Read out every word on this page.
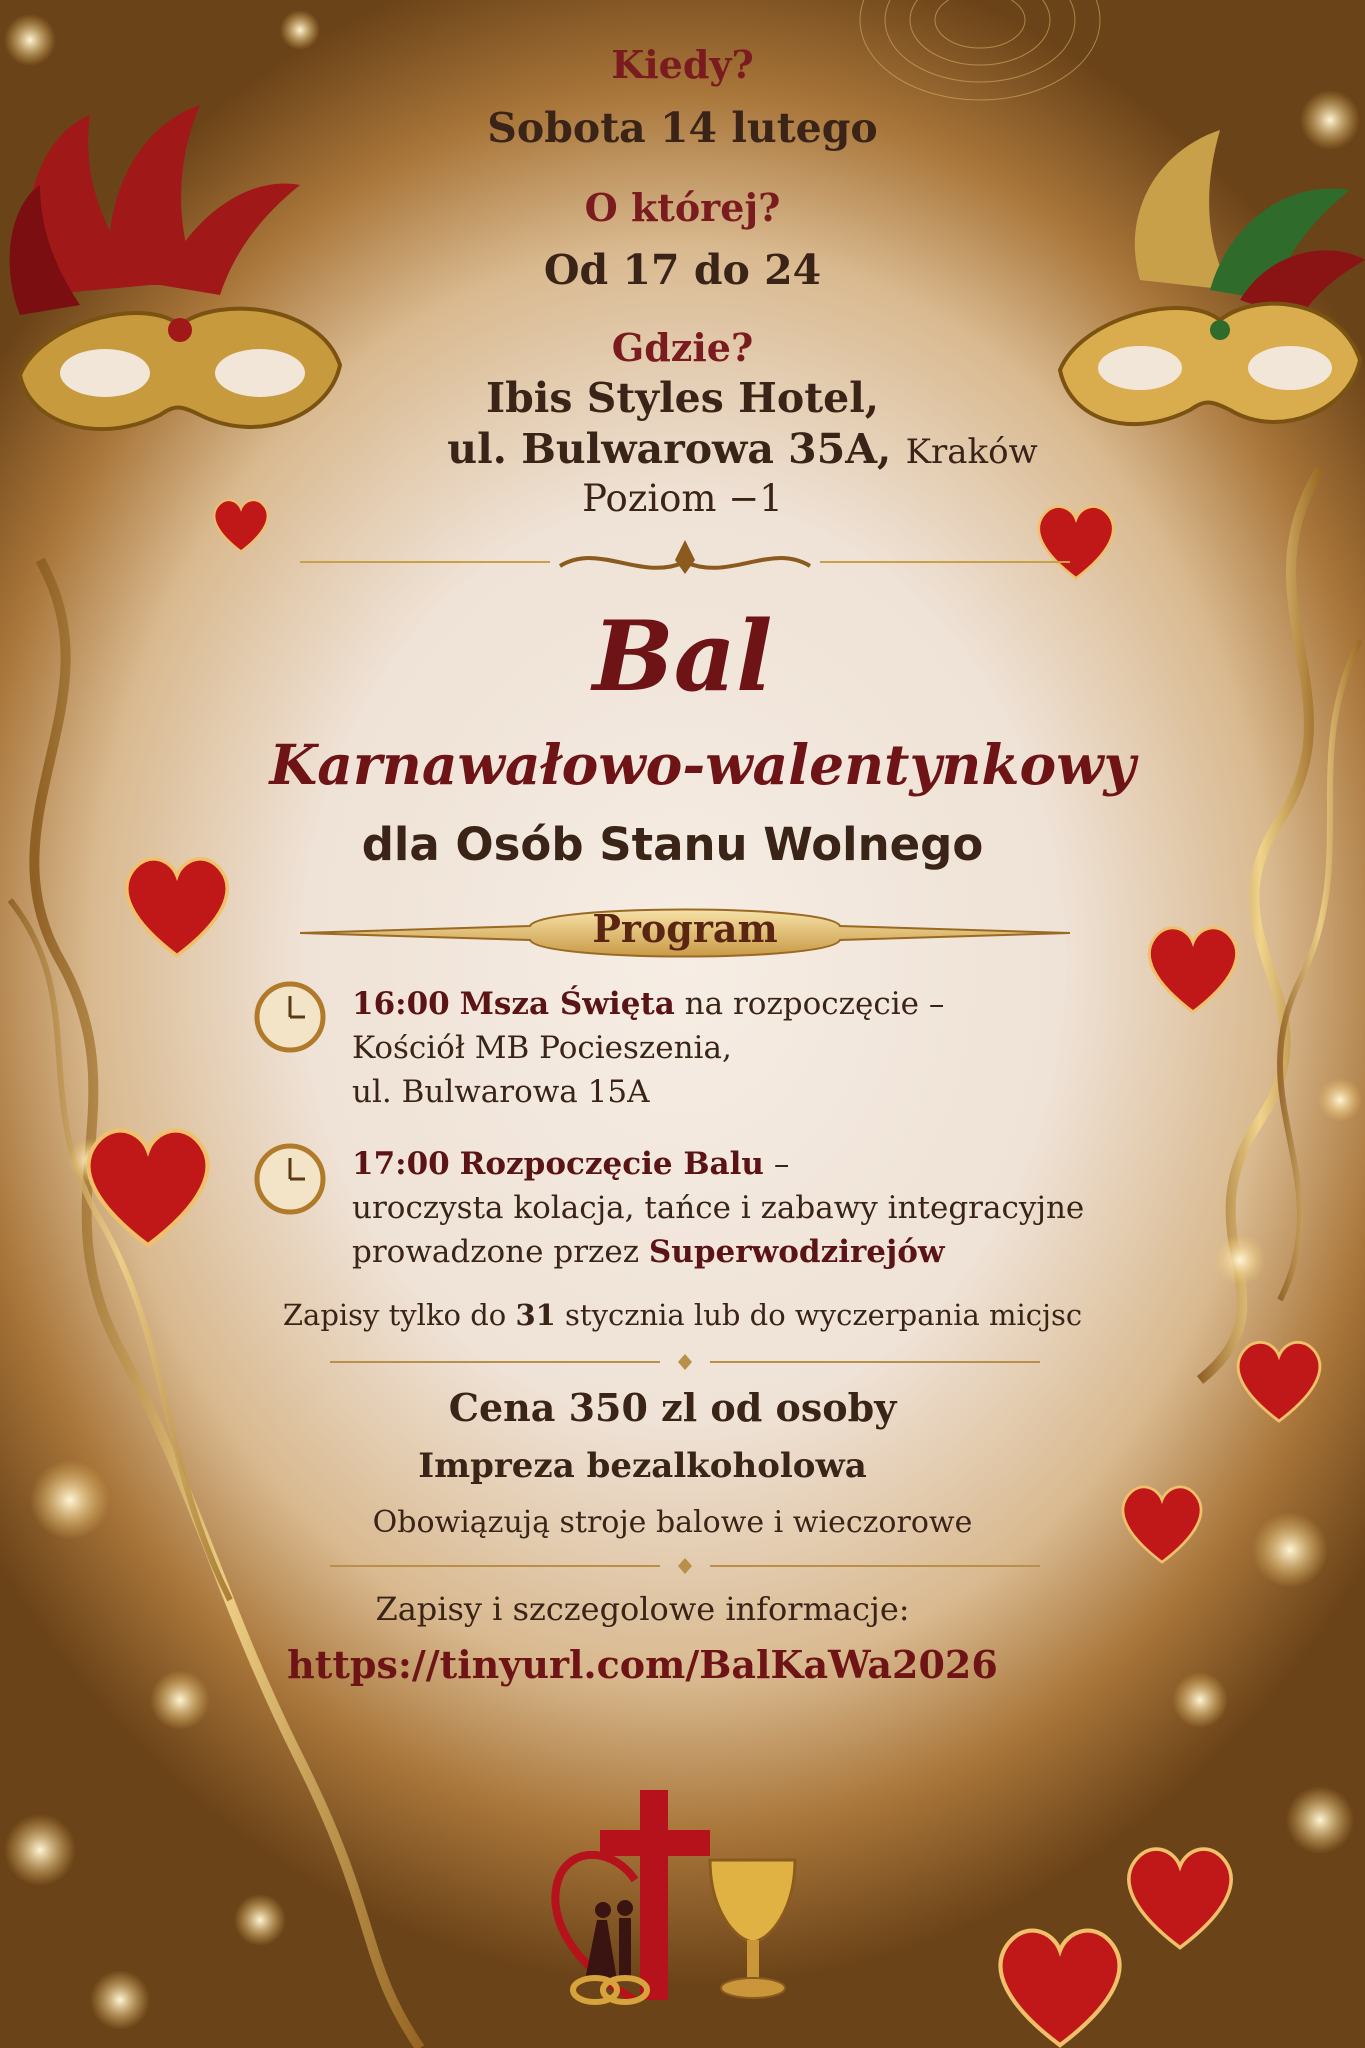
Kiedy?

Sobota 14 lutego

O której?

Od 17 do 24

Gdzie?

Ibis Styles Hotel,

ul. Bulwarowa 35A, Kraków

Poziom −1

Bal

Karnawałowo-walentynkowy

dla Osób Stanu Wolnego

Program

16:00 Msza Święta na rozpoczęcie –
Kościół MB Pocieszenia,
ul. Bulwarowa 15A
17:00 Rozpoczęcie Balu –
uroczysta kolacja, tańce i zabawy integracyjne
prowadzone przez Superwodzirejów

Zapisy tylko do 31 stycznia lub do wyczerpania micjsc

Cena 350 zl od osoby

Impreza bezalkoholowa

Obowiązują stroje balowe i wieczorowe

Zapisy i szczegolowe informacje:

https://tinyurl.com/BalKaWa2026
